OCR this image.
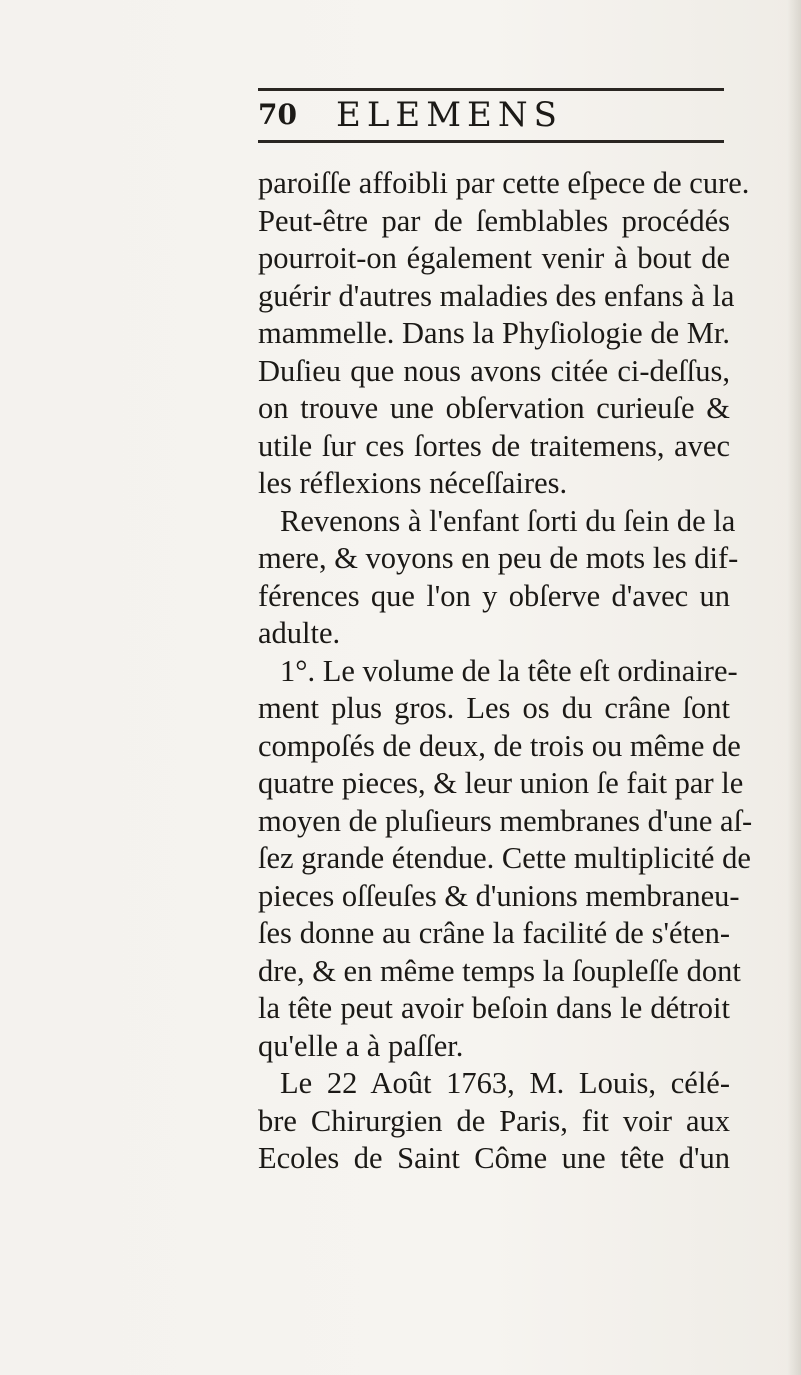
70 ELEMENS
paroiſſe affoibli par cette eſpece de cure.
Peut-être par de ſemblables procédés
pourroit-on également venir à bout de
guérir d'autres maladies des enfans à la
mammelle. Dans la Phyſiologie de Mr.
Duſieu que nous avons citée ci-deſſus,
on trouve une obſervation curieuſe &
utile ſur ces ſortes de traitemens, avec
les réflexions néceſſaires.
Revenons à l'enfant ſorti du ſein de la
mere, & voyons en peu de mots les dif-
férences que l'on y obſerve d'avec un
adulte.
1°. Le volume de la tête eſt ordinaire-
ment plus gros. Les os du crâne ſont
compoſés de deux, de trois ou même de
quatre pieces, & leur union ſe fait par le
moyen de pluſieurs membranes d'une aſ-
ſez grande étendue. Cette multiplicité de
pieces oſſeuſes & d'unions membraneu-
ſes donne au crâne la facilité de s'éten-
dre, & en même temps la ſoupleſſe dont
la tête peut avoir beſoin dans le détroit
qu'elle a à paſſer.
Le 22 Août 1763, M. Louis, célé-
bre Chirurgien de Paris, fit voir aux
Ecoles de Saint Côme une tête d'un
